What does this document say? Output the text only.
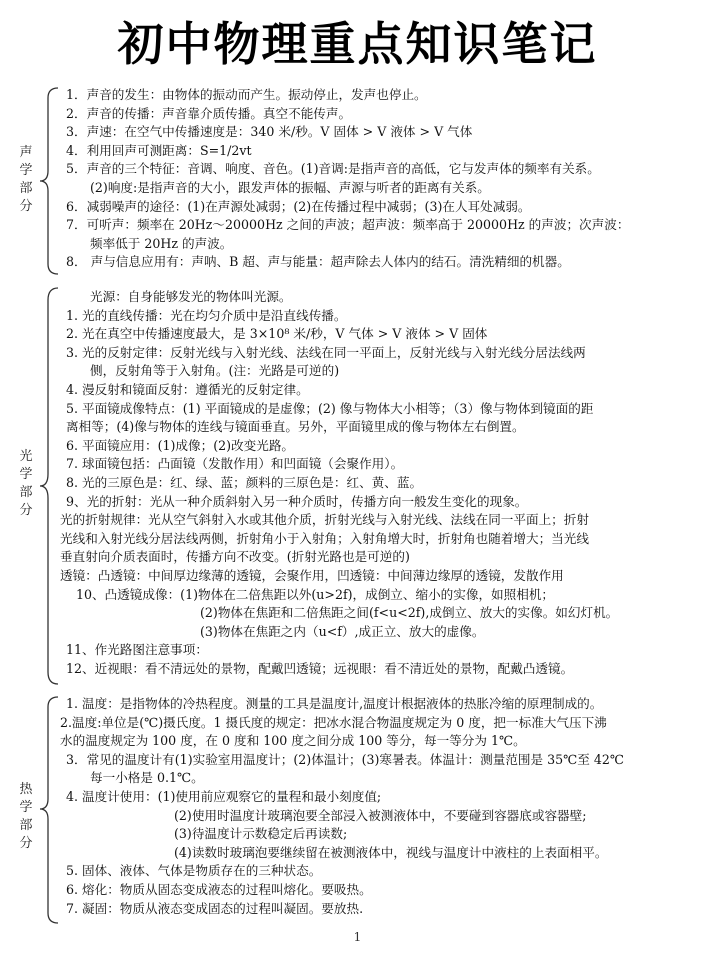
初中物理重点知识笔记
声
学
部
分
1．声音的发生：由物体的振动而产生。振动停止，发声也停止。
2．声音的传播：声音靠介质传播。真空不能传声。
3．声速：在空气中传播速度是：340 米/秒。V 固体 > V 液体 > V 气体
4．利用回声可测距离：S=1/2vt
5．声音的三个特征：音调、响度、音色。(1)音调:是指声音的高低，它与发声体的频率有关系。
(2)响度:是指声音的大小，跟发声体的振幅、声源与听者的距离有关系。
6．减弱噪声的途径：(1)在声源处减弱；(2)在传播过程中减弱；(3)在人耳处减弱。
7．可听声：频率在 20Hz～20000Hz 之间的声波；超声波：频率高于 20000Hz 的声波；次声波：
频率低于 20Hz 的声波。
8． 声与信息应用有：声呐、B 超、声与能量：超声除去人体内的结石。清洗精细的机器。
光
学
部
分
光源：自身能够发光的物体叫光源。
1. 光的直线传播：光在均匀介质中是沿直线传播。
2. 光在真空中传播速度最大，是 3×10⁸ 米/秒，V 气体 > V 液体 > V 固体
3. 光的反射定律：反射光线与入射光线、法线在同一平面上，反射光线与入射光线分居法线两
侧，反射角等于入射角。(注：光路是可逆的)
4. 漫反射和镜面反射：遵循光的反射定律。
5. 平面镜成像特点：(1) 平面镜成的是虚像；(2) 像与物体大小相等；（3）像与物体到镜面的距
离相等；(4)像与物体的连线与镜面垂直。另外，平面镜里成的像与物体左右倒置。
6. 平面镜应用：(1)成像；(2)改变光路。
7. 球面镜包括：凸面镜（发散作用）和凹面镜（会聚作用）。
8. 光的三原色是：红、绿、蓝；颜料的三原色是：红、黄、蓝。
9、光的折射：光从一种介质斜射入另一种介质时，传播方向一般发生变化的现象。
光的折射规律：光从空气斜射入水或其他介质，折射光线与入射光线、法线在同一平面上；折射
光线和入射光线分居法线两侧，折射角小于入射角；入射角增大时，折射角也随着增大；当光线
垂直射向介质表面时，传播方向不改变。(折射光路也是可逆的)
透镜：凸透镜：中间厚边缘薄的透镜，会聚作用，凹透镜：中间薄边缘厚的透镜，发散作用
10、凸透镜成像：(1)物体在二倍焦距以外(u>2f)，成倒立、缩小的实像，如照相机；
(2)物体在焦距和二倍焦距之间(f<u<2f),成倒立、放大的实像。如幻灯机。
(3)物体在焦距之内（u<f）,成正立、放大的虚像。
11、作光路图注意事项：
12、近视眼：看不清远处的景物，配戴凹透镜；远视眼：看不清近处的景物，配戴凸透镜。
热
学
部
分
1. 温度：是指物体的冷热程度。测量的工具是温度计,温度计根据液体的热胀冷缩的原理制成的。
2.温度:单位是(℃)摄氏度。1 摄氏度的规定：把冰水混合物温度规定为 0 度，把一标准大气压下沸
水的温度规定为 100 度，在 0 度和 100 度之间分成 100 等分，每一等分为 1℃。
3．常见的温度计有(1)实验室用温度计；(2)体温计；(3)寒暑表。体温计：测量范围是 35℃至 42℃
每一小格是 0.1℃。
4. 温度计使用：(1)使用前应观察它的量程和最小刻度值;
(2)使用时温度计玻璃泡要全部浸入被测液体中，不要碰到容器底或容器壁;
(3)待温度计示数稳定后再读数;
(4)读数时玻璃泡要继续留在被测液体中，视线与温度计中液柱的上表面相平。
5. 固体、液体、气体是物质存在的三种状态。
6. 熔化：物质从固态变成液态的过程叫熔化。要吸热。
7. 凝固：物质从液态变成固态的过程叫凝固。要放热.
1
